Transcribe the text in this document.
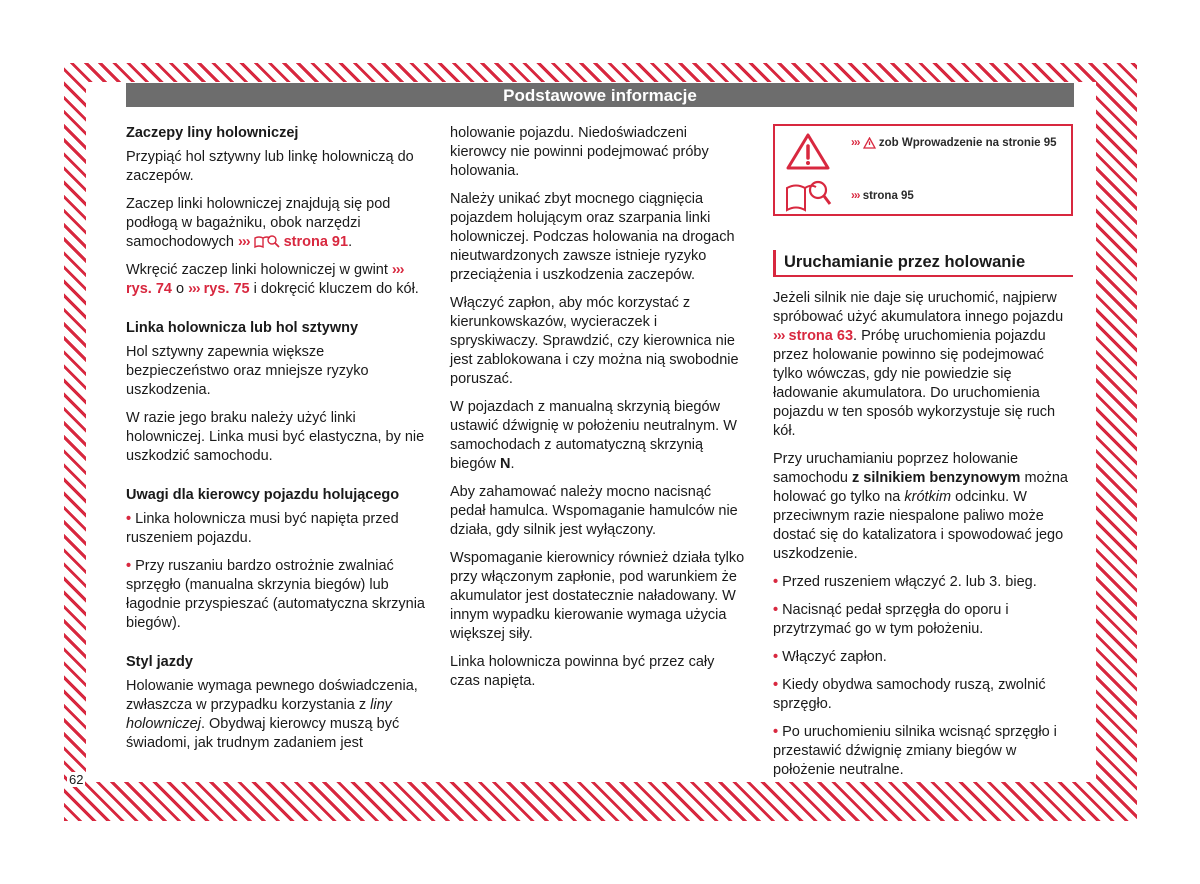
Podstawowe informacje
Zaczepy liny holowniczej

Przypiąć hol sztywny lub linkę holowniczą do zaczepów.

Zaczep linki holowniczej znajdują się pod podłogą w bagażniku, obok narzędzi samochodowych ››› strona 91.

Wkręcić zaczep linki holowniczej w gwint ››› rys. 74 o ››› rys. 75 i dokręcić kluczem do kół.

Linka holownicza lub hol sztywny

Hol sztywny zapewnia większe bezpieczeństwo oraz mniejsze ryzyko uszkodzenia.

W razie jego braku należy użyć linki holowniczej. Linka musi być elastyczna, by nie uszkodzić samochodu.

Uwagi dla kierowcy pojazdu holującego

• Linka holownicza musi być napięta przed ruszeniem pojazdu.

• Przy ruszaniu bardzo ostrożnie zwalniać sprzęgło (manualna skrzynia biegów) lub łagodnie przyspieszać (automatyczna skrzynia biegów).

Styl jazdy

Holowanie wymaga pewnego doświadczenia, zwłaszcza w przypadku korzystania z liny holowniczej. Obydwaj kierowcy muszą być świadomi, jak trudnym zadaniem jest

holowanie pojazdu. Niedoświadczeni kierowcy nie powinni podejmować próby holowania.

Należy unikać zbyt mocnego ciągnięcia pojazdem holującym oraz szarpania linki holowniczej. Podczas holowania na drogach nieutwardzonych zawsze istnieje ryzyko przeciążenia i uszkodzenia zaczepów.

Włączyć zapłon, aby móc korzystać z kierunkowskazów, wycieraczek i spryskiwaczy. Sprawdzić, czy kierownica nie jest zablokowana i czy można nią swobodnie poruszać.

W pojazdach z manualną skrzynią biegów ustawić dźwignię w położeniu neutralnym. W samochodach z automatyczną skrzynią biegów N.

Aby zahamować należy mocno nacisnąć pedał hamulca. Wspomaganie hamulców nie działa, gdy silnik jest wyłączony.

Wspomaganie kierownicy również działa tylko przy włączonym zapłonie, pod warunkiem że akumulator jest dostatecznie naładowany. W innym wypadku kierowanie wymaga użycia większej siły.

Linka holownicza powinna być przez cały czas napięta.

›››  zob Wprowadzenie na stronie 95
››› strona 95
Uruchamianie przez holowanie

Jeżeli silnik nie daje się uruchomić, najpierw spróbować użyć akumulatora innego pojazdu ››› strona 63. Próbę uruchomienia pojazdu przez holowanie powinno się podejmować tylko wówczas, gdy nie powiedzie się ładowanie akumulatora. Do uruchomienia pojazdu w ten sposób wykorzystuje się ruch kół.

Przy uruchamianiu poprzez holowanie samochodu z silnikiem benzynowym można holować go tylko na krótkim odcinku. W przeciwnym razie niespalone paliwo może dostać się do katalizatora i spowodować jego uszkodzenie.

• Przed ruszeniem włączyć 2. lub 3. bieg.

• Nacisnąć pedał sprzęgła do oporu i przytrzymać go w tym położeniu.

• Włączyć zapłon.

• Kiedy obydwa samochody ruszą, zwolnić sprzęgło.

• Po uruchomieniu silnika wcisnąć sprzęgło i przestawić dźwignię zmiany biegów w położenie neutralne.

62
